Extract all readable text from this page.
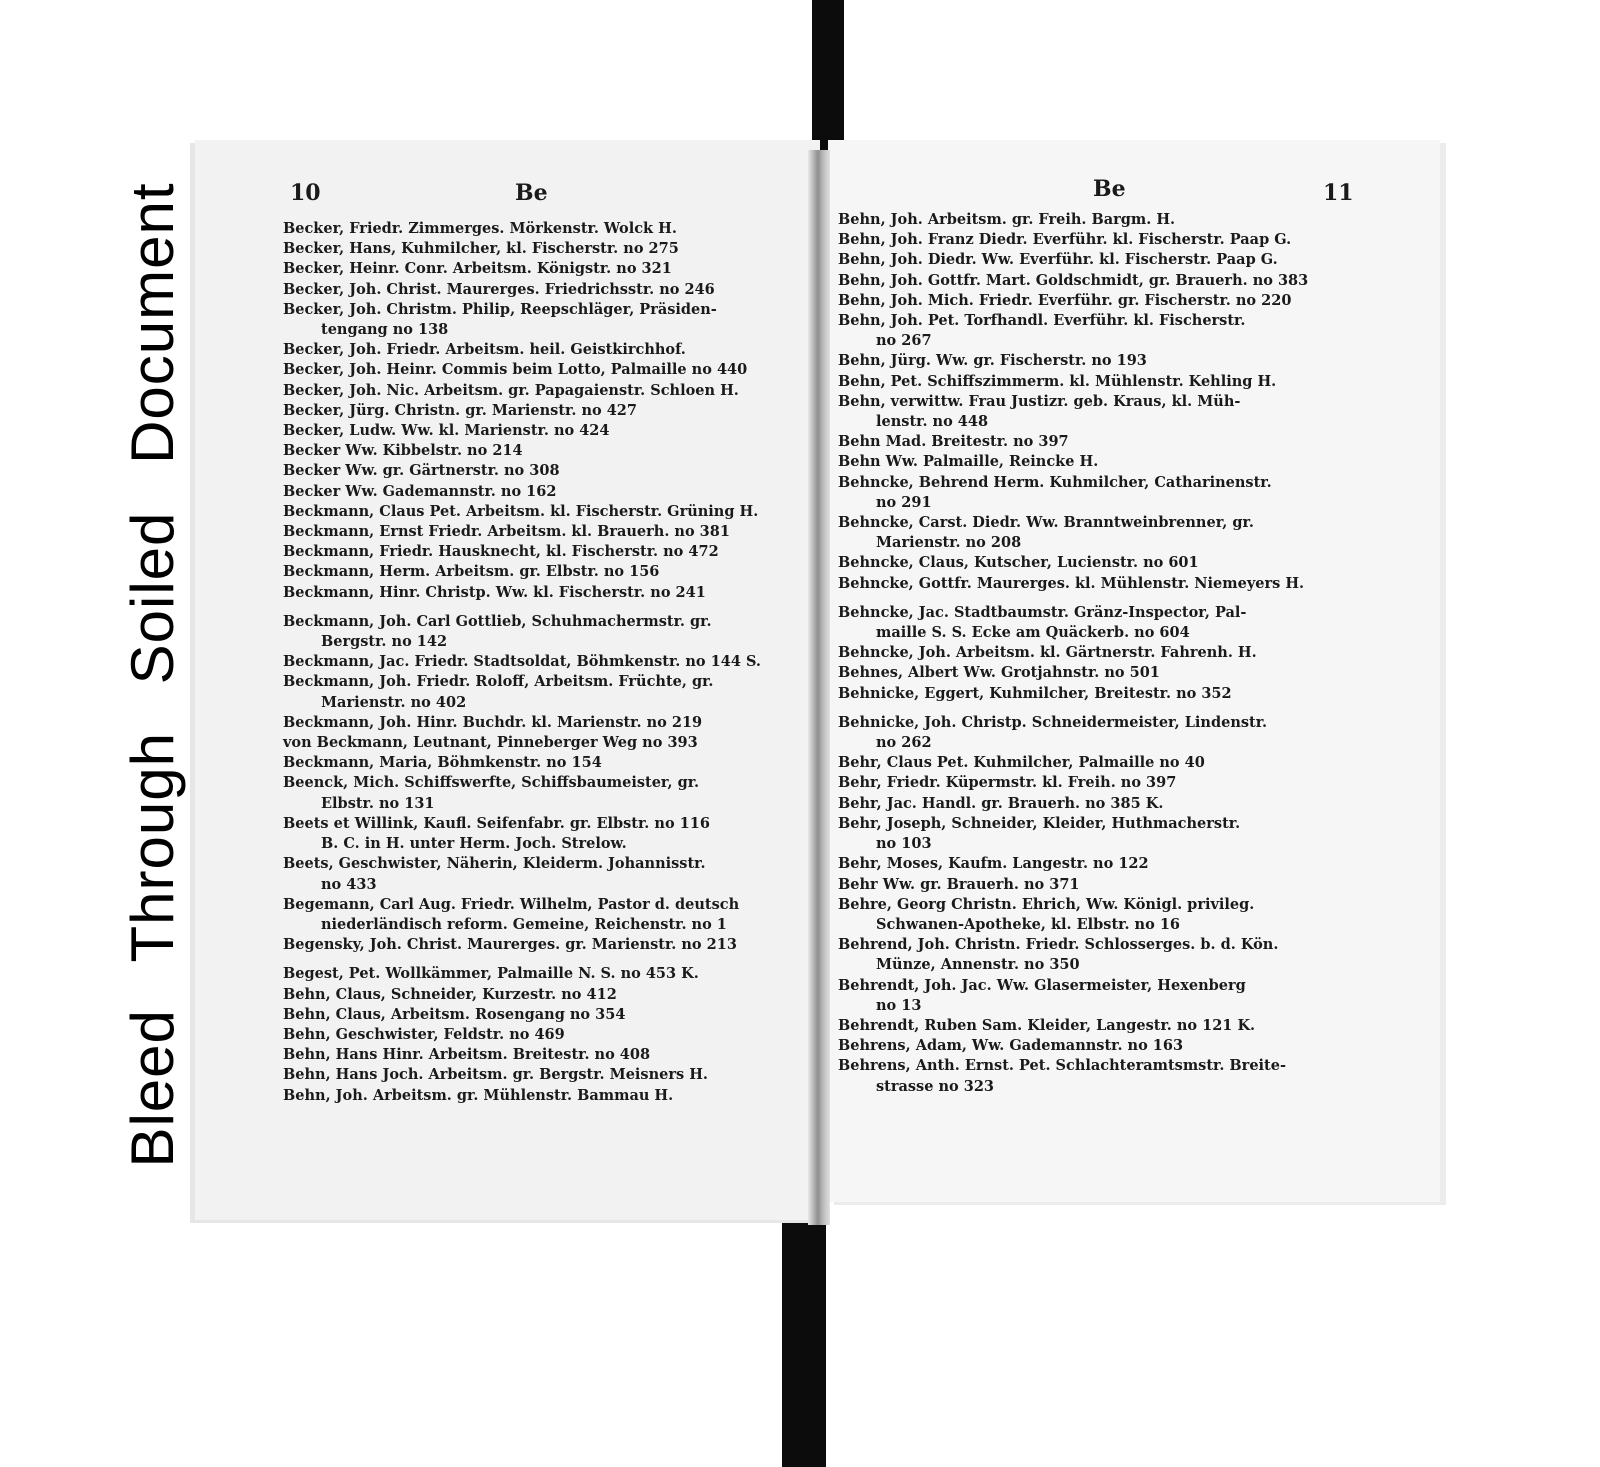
Bleed Through Soiled Document	10	Be
Becker, Friedr. Zimmerges. Mörkenstr. Wolck H.
Becker, Hans, Kuhmilcher, kl. Fischerstr. no 275
Becker, Heinr. Conr. Arbeitsm. Königstr. no 321
Becker, Joh. Christ. Maurerges. Friedrichsstr. no 246
Becker, Joh. Christm. Philip, Reepschläger, Präsiden-
tengang no 138
Becker, Joh. Friedr. Arbeitsm. heil. Geistkirchhof.
Becker, Joh. Heinr. Commis beim Lotto, Palmaille no 440
Becker, Joh. Nic. Arbeitsm. gr. Papagaienstr. Schloen H.
Becker, Jürg. Christn. gr. Marienstr. no 427
Becker, Ludw. Ww. kl. Marienstr. no 424
Becker Ww. Kibbelstr. no 214
Becker Ww. gr. Gärtnerstr. no 308
Becker Ww. Gademannstr. no 162
Beckmann, Claus Pet. Arbeitsm. kl. Fischerstr. Grüning H.
Beckmann, Ernst Friedr. Arbeitsm. kl. Brauerh. no 381
Beckmann, Friedr. Hausknecht, kl. Fischerstr. no 472
Beckmann, Herm. Arbeitsm. gr. Elbstr. no 156
Beckmann, Hinr. Christp. Ww. kl. Fischerstr. no 241
Beckmann, Joh. Carl Gottlieb, Schuhmachermstr. gr.
Bergstr. no 142
Beckmann, Jac. Friedr. Stadtsoldat, Böhmkenstr. no 144 S.
Beckmann, Joh. Friedr. Roloff, Arbeitsm. Früchte, gr.
Marienstr. no 402
Beckmann, Joh. Hinr. Buchdr. kl. Marienstr. no 219
von Beckmann, Leutnant, Pinneberger Weg no 393
Beckmann, Maria, Böhmkenstr. no 154
Beenck, Mich. Schiffswerfte, Schiffsbaumeister, gr.
Elbstr. no 131
Beets et Willink, Kaufl. Seifenfabr. gr. Elbstr. no 116
B. C. in H. unter Herm. Joch. Strelow.
Beets, Geschwister, Näherin, Kleiderm. Johannisstr.
no 433
Begemann, Carl Aug. Friedr. Wilhelm, Pastor d. deutsch
niederländisch reform. Gemeine, Reichenstr. no 1
Begensky, Joh. Christ. Maurerges. gr. Marienstr. no 213
Begest, Pet. Wollkämmer, Palmaille N. S. no 453 K.
Behn, Claus, Schneider, Kurzestr. no 412
Behn, Claus, Arbeitsm. Rosengang no 354
Behn, Geschwister, Feldstr. no 469
Behn, Hans Hinr. Arbeitsm. Breitestr. no 408
Behn, Hans Joch. Arbeitsm. gr. Bergstr. Meisners H.
Behn, Joh. Arbeitsm. gr. Mühlenstr. Bammau H.
11
Be
Behn, Joh. Arbeitsm. gr. Freih. Bargm. H.
Behn, Joh. Franz Diedr. Everführ. kl. Fischerstr. Paap G.
Behn, Joh. Diedr. Ww. Everführ. kl. Fischerstr. Paap G.
Behn, Joh. Gottfr. Mart. Goldschmidt, gr. Brauerh. no 383
Behn, Joh. Mich. Friedr. Everführ. gr. Fischerstr. no 220
Behn, Joh. Pet. Torfhandl. Everführ. kl. Fischerstr.
no 267
Behn, Jürg. Ww. gr. Fischerstr. no 193
Behn, Pet. Schiffszimmerm. kl. Mühlenstr. Kehling H.
Behn, verwittw. Frau Justizr. geb. Kraus, kl. Müh-
lenstr. no 448
Behn Mad. Breitestr. no 397
Behn Ww. Palmaille, Reincke H.
Behncke, Behrend Herm. Kuhmilcher, Catharinenstr.
no 291
Behncke, Carst. Diedr. Ww. Branntweinbrenner, gr.
Marienstr. no 208
Behncke, Claus, Kutscher, Lucienstr. no 601
Behncke, Gottfr. Maurerges. kl. Mühlenstr. Niemeyers H.
Behncke, Jac. Stadtbaumstr. Gränz-Inspector, Pal-
maille S. S. Ecke am Quäckerb. no 604
Behncke, Joh. Arbeitsm. kl. Gärtnerstr. Fahrenh. H.
Behnes, Albert Ww. Grotjahnstr. no 501
Behnicke, Eggert, Kuhmilcher, Breitestr. no 352
Behnicke, Joh. Christp. Schneidermeister, Lindenstr.
no 262
Behr, Claus Pet. Kuhmilcher, Palmaille no 40
Behr, Friedr. Küpermstr. kl. Freih. no 397
Behr, Jac. Handl. gr. Brauerh. no 385 K.
Behr, Joseph, Schneider, Kleider, Huthmacherstr.
no 103
Behr, Moses, Kaufm. Langestr. no 122
Behr Ww. gr. Brauerh. no 371
Behre, Georg Christn. Ehrich, Ww. Königl. privileg.
Schwanen-Apotheke, kl. Elbstr. no 16
Behrend, Joh. Christn. Friedr. Schlosserges. b. d. Kön.
Münze, Annenstr. no 350
Behrendt, Joh. Jac. Ww. Glasermeister, Hexenberg
no 13
Behrendt, Ruben Sam. Kleider, Langestr. no 121 K.
Behrens, Adam, Ww. Gademannstr. no 163
Behrens, Anth. Ernst. Pet. Schlachteramtsmstr. Breite-
strasse no 323
